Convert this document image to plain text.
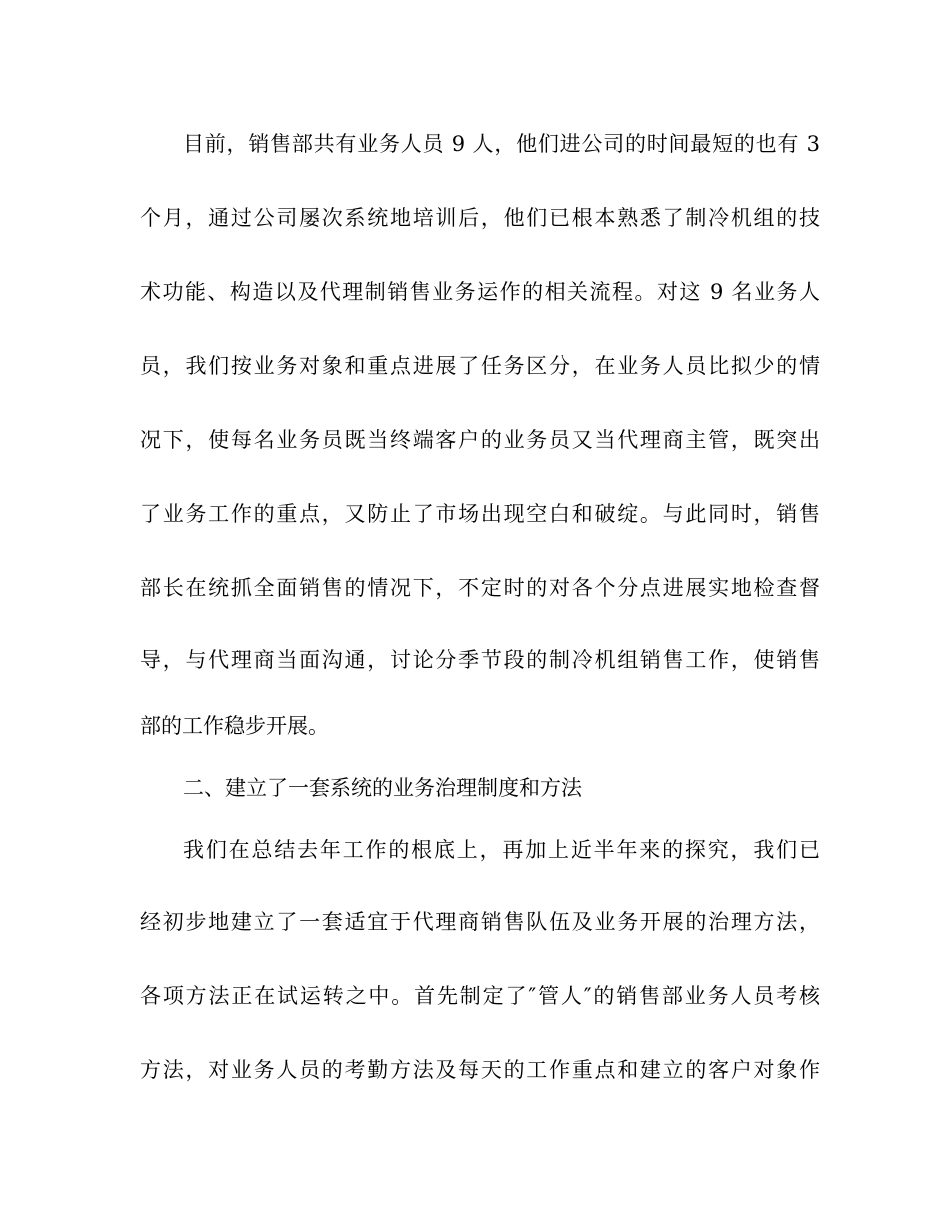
目前，销售部共有业务人员 9 人，他们进公司的时间最短的也有 3
个月，通过公司屡次系统地培训后，他们已根本熟悉了制冷机组的技
术功能、构造以及代理制销售业务运作的相关流程。对这 9 名业务人
员，我们按业务对象和重点进展了任务区分，在业务人员比拟少的情
况下，使每名业务员既当终端客户的业务员又当代理商主管，既突出
了业务工作的重点，又防止了市场出现空白和破绽。与此同时，销售
部长在统抓全面销售的情况下，不定时的对各个分点进展实地检查督
导，与代理商当面沟通，讨论分季节段的制冷机组销售工作，使销售
部的工作稳步开展。
二、建立了一套系统的业务治理制度和方法
我们在总结去年工作的根底上，再加上近半年来的探究，我们已
经初步地建立了一套适宜于代理商销售队伍及业务开展的治理方法，
各项方法正在试运转之中。首先制定了″管人″的销售部业务人员考核
方法，对业务人员的考勤方法及每天的工作重点和建立的客户对象作
